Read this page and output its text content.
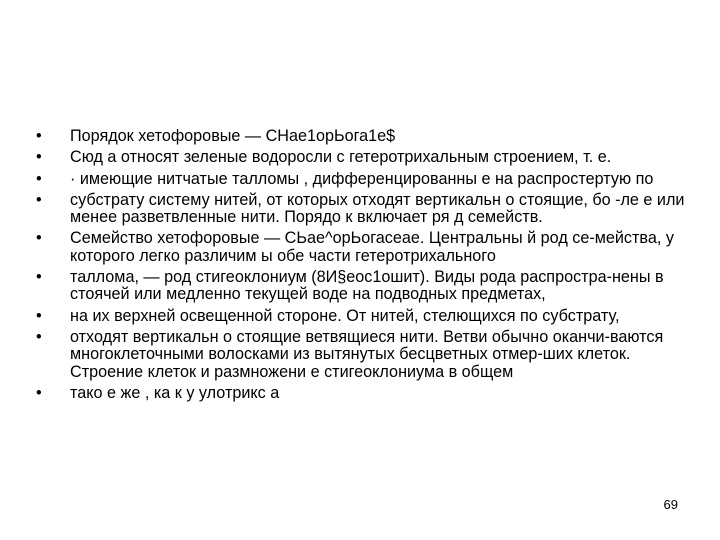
•	Порядок хетофоровые — СНае1орЬога1е$
•	Сюд а относят зеленые водоросли с гетеротрихальным строением, т. е.
•	· имеющие нитчатые талломы , дифференцированны е на распростертую по
•	субстрату систему нитей, от которых отходят вертикальн о стоящие, бо -ле е или менее разветвленные нити. Порядо к включает ря д семейств.
•	Семейство хетофоровые — СЬае^орЬогасеае. Центральны й род се-мейства, у которого легко различим ы обе части гетеротрихального
•	таллома, — род стигеоклониум (8И§еос1ошит). Виды рода распростра-нены в стоячей или медленно текущей воде на подводных предметах,
•	на их верхней освещенной стороне. От нитей, стелющихся по субстрату,
•	отходят вертикальн о стоящие ветвящиеся нити. Ветви обычно оканчи-ваются многоклеточными волосками из вытянутых бесцветных отмер-ших клеток. Строение клеток и размножени е стигеоклониума в общем
•	тако е же , ка к у улотрикс а
69
